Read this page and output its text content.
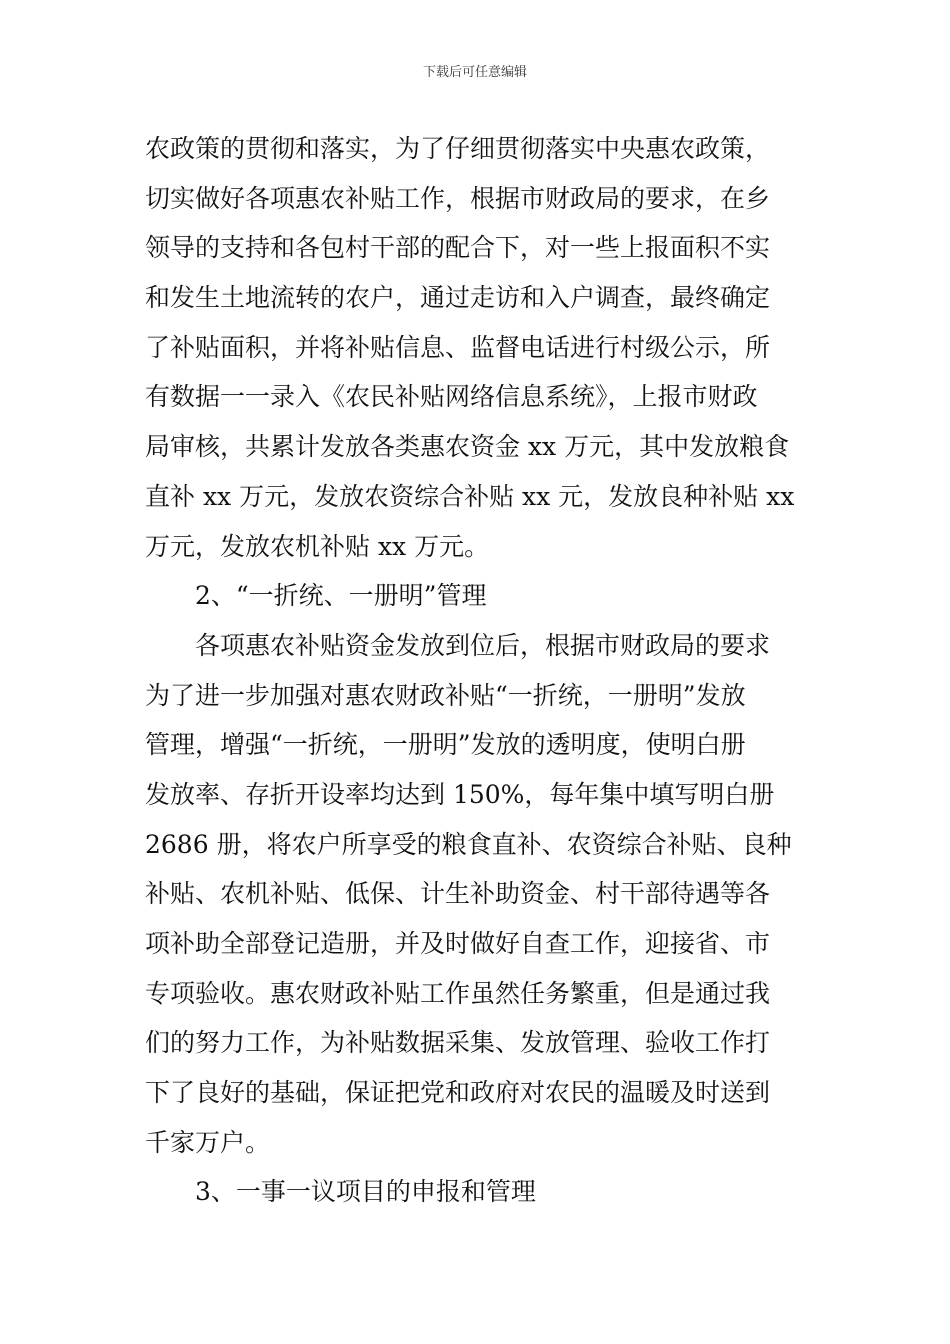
下载后可任意编辑
农政策的贯彻和落实，为了仔细贯彻落实中央惠农政策，
切实做好各项惠农补贴工作，根据市财政局的要求，在乡
领导的支持和各包村干部的配合下，对一些上报面积不实
和发生土地流转的农户，通过走访和入户调查，最终确定
了补贴面积，并将补贴信息、监督电话进行村级公示，所
有数据一一录入《农民补贴网络信息系统》，上报市财政
局审核，共累计发放各类惠农资金 xx 万元，其中发放粮食
直补 xx 万元，发放农资综合补贴 xx 元，发放良种补贴 xx
万元，发放农机补贴 xx 万元。
2、“一折统、一册明”管理
各项惠农补贴资金发放到位后，根据市财政局的要求
为了进一步加强对惠农财政补贴“一折统，一册明”发放
管理，增强“一折统，一册明”发放的透明度，使明白册
发放率、存折开设率均达到 150%，每年集中填写明白册
2686 册，将农户所享受的粮食直补、农资综合补贴、良种
补贴、农机补贴、低保、计生补助资金、村干部待遇等各
项补助全部登记造册，并及时做好自查工作，迎接省、市
专项验收。惠农财政补贴工作虽然任务繁重，但是通过我
们的努力工作，为补贴数据采集、发放管理、验收工作打
下了良好的基础，保证把党和政府对农民的温暖及时送到
千家万户。
3、一事一议项目的申报和管理
